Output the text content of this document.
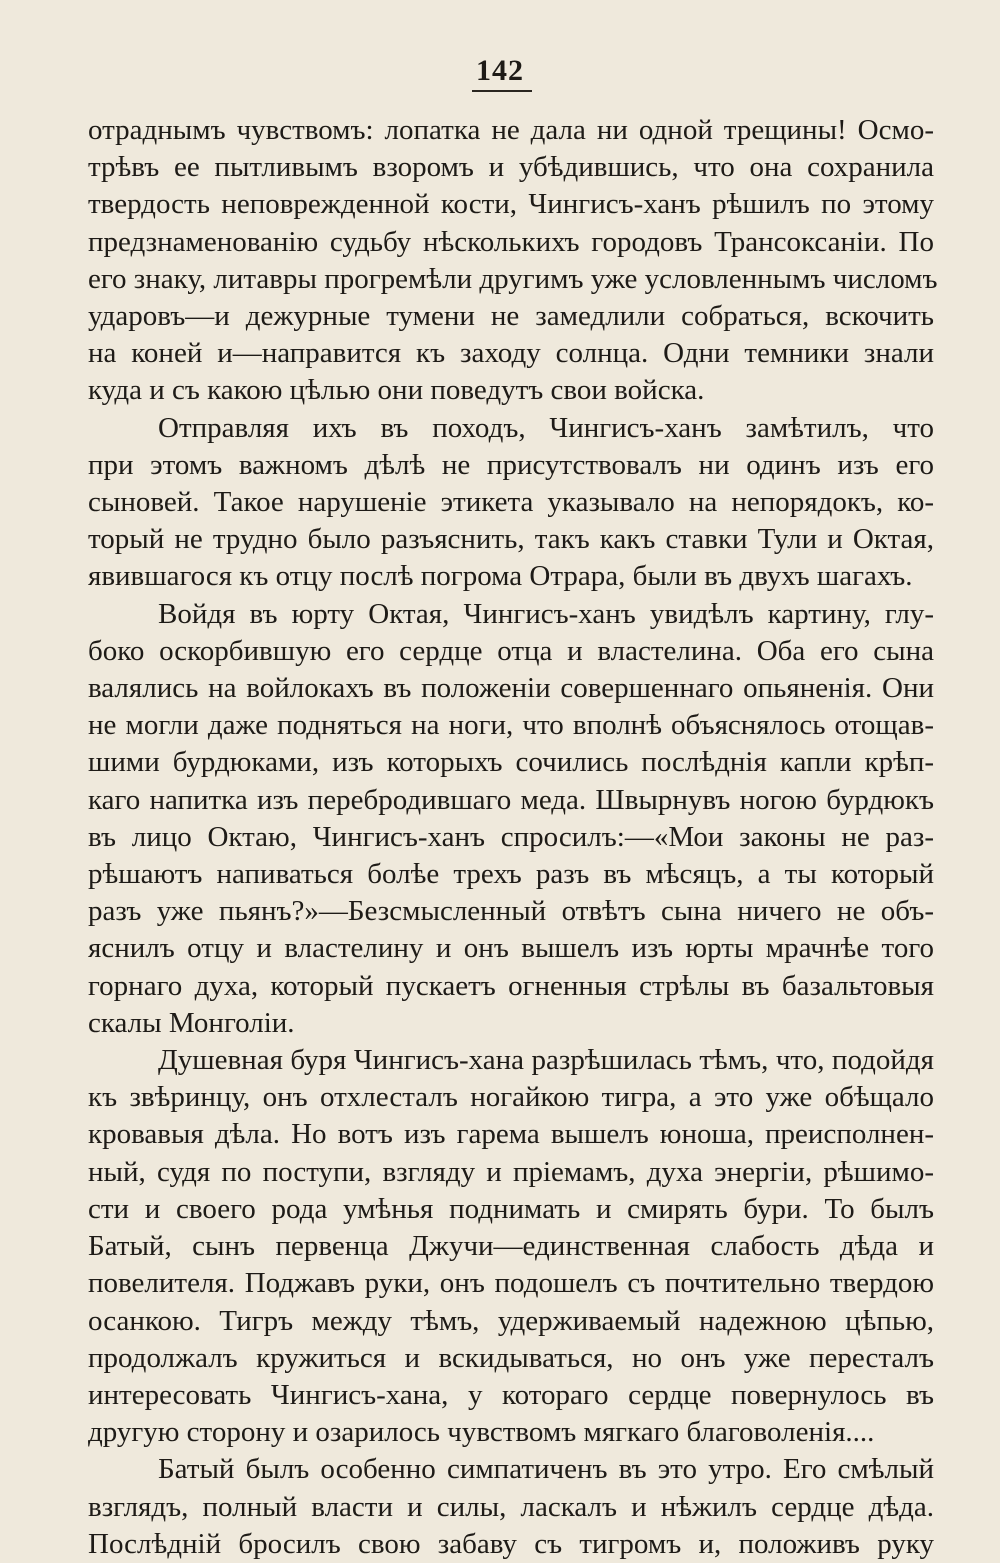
142
отраднымъ чувствомъ: лопатка не дала ни одной трещины! Осмо-
трѣвъ ее пытливымъ взоромъ и убѣдившись, что она сохранила
твердость неповрежденной кости, Чингисъ-ханъ рѣшилъ по этому
предзнаменованію судьбу нѣсколькихъ городовъ Трансоксаніи. По
его знаку, литавры прогремѣли другимъ уже условленнымъ числомъ
ударовъ—и дежурные тумени не замедлили собраться, вскочить
на коней и—направится къ заходу солнца. Одни темники знали
куда и съ какою цѣлью они поведутъ свои войска.
Отправляя ихъ въ походъ, Чингисъ-ханъ замѣтилъ, что
при этомъ важномъ дѣлѣ не присутствовалъ ни одинъ изъ его
сыновей. Такое нарушеніе этикета указывало на непорядокъ, ко-
торый не трудно было разъяснить, такъ какъ ставки Тули и Октая,
явившагося къ отцу послѣ погрома Отрара, были въ двухъ шагахъ.
Войдя въ юрту Октая, Чингисъ-ханъ увидѣлъ картину, глу-
боко оскорбившую его сердце отца и властелина. Оба его сына
валялись на войлокахъ въ положеніи совершеннаго опьяненія. Они
не могли даже подняться на ноги, что вполнѣ объяснялось отощав-
шими бурдюками, изъ которыхъ сочились послѣднія капли крѣп-
каго напитка изъ перебродившаго меда. Швырнувъ ногою бурдюкъ
въ лицо Октаю, Чингисъ-ханъ спросилъ:—«Мои законы не раз-
рѣшаютъ напиваться болѣе трехъ разъ въ мѣсяцъ, а ты который
разъ уже пьянъ?»—Безсмысленный отвѣтъ сына ничего не объ-
яснилъ отцу и властелину и онъ вышелъ изъ юрты мрачнѣе того
горнаго духа, который пускаетъ огненныя стрѣлы въ базальтовыя
скалы Монголіи.
Душевная буря Чингисъ-хана разрѣшилась тѣмъ, что, подойдя
къ звѣринцу, онъ отхлесталъ ногайкою тигра, а это уже обѣщало
кровавыя дѣла. Но вотъ изъ гарема вышелъ юноша, преисполнен-
ный, судя по поступи, взгляду и пріемамъ, духа энергіи, рѣшимо-
сти и своего рода умѣнья поднимать и смирять бури. То былъ
Батый, сынъ первенца Джучи—единственная слабость дѣда и
повелителя. Поджавъ руки, онъ подошелъ съ почтительно твердою
осанкою. Тигръ между тѣмъ, удерживаемый надежною цѣпью,
продолжалъ кружиться и вскидываться, но онъ уже пересталъ
интересовать Чингисъ-хана, у котораго сердце повернулось въ
другую сторону и озарилось чувствомъ мягкаго благоволенія....
Батый былъ особенно симпатиченъ въ это утро. Его смѣлый
взглядъ, полный власти и силы, ласкалъ и нѣжилъ сердце дѣда.
Послѣдній бросилъ свою забаву съ тигромъ и, положивъ руку
